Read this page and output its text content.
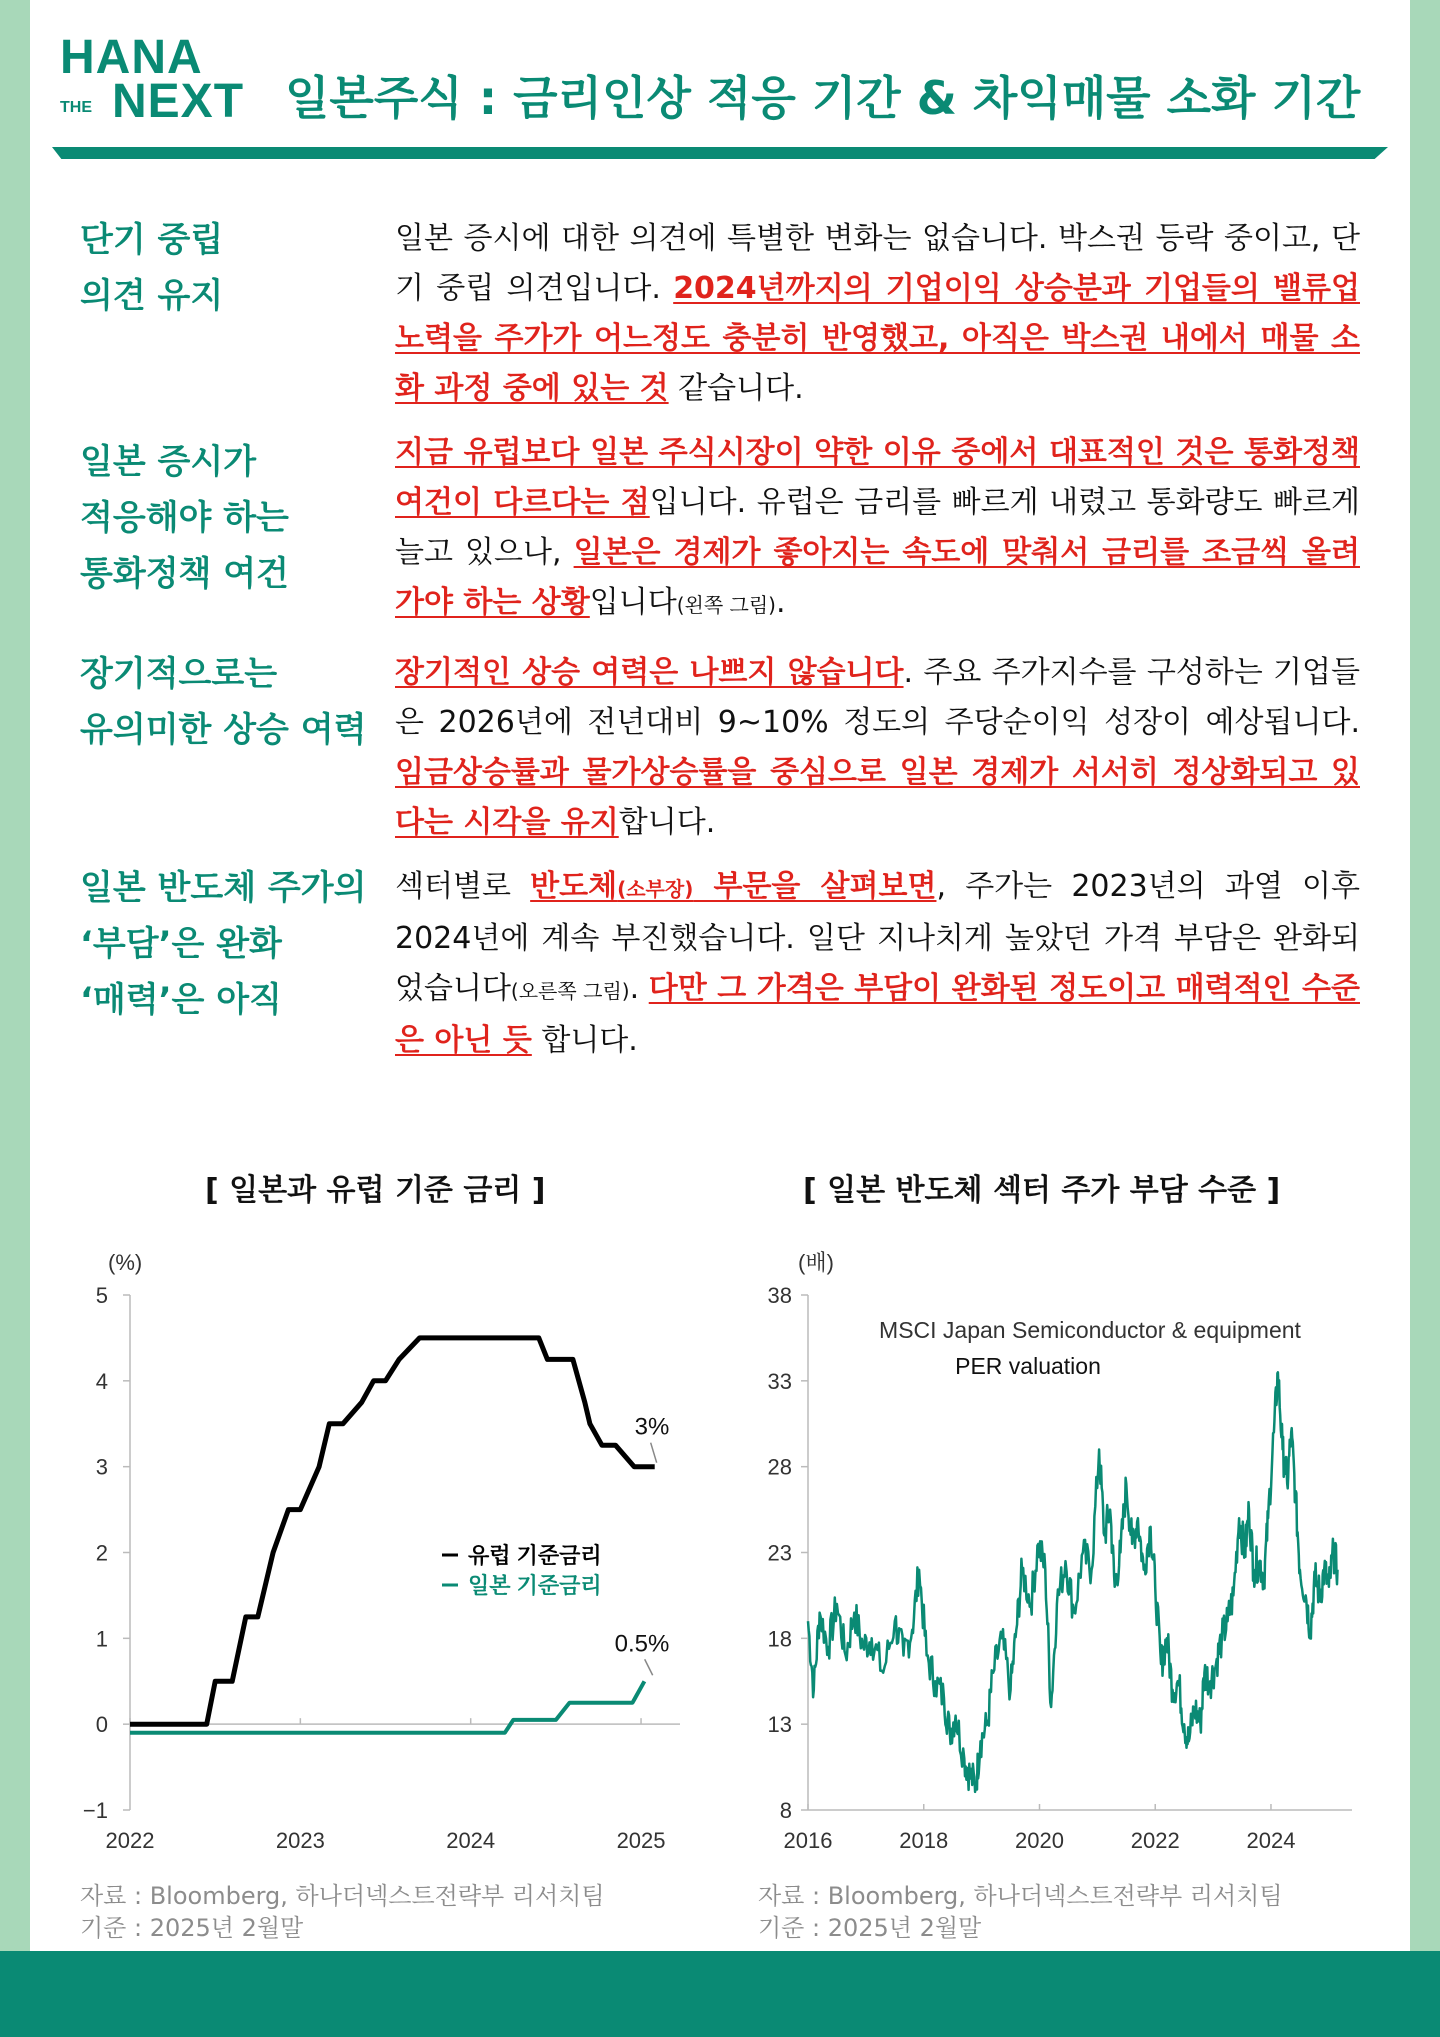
HANA
THE NEXT 일본주식 : 금리인상 적응 기간 & 차익매물 소화 기간
단기 중립
의견 유지
일본 증시에 대한 의견에 특별한 변화는 없습니다. 박스권 등락 중이고, 단기 중립 의견입니다. 2024년까지의 기업이익 상승분과 기업들의 밸류업 노력을 주가가 어느정도 충분히 반영했고, 아직은 박스권 내에서 매물 소화 과정 중에 있는 것 같습니다.
일본 증시가
적응해야 하는
통화정책 여건
지금 유럽보다 일본 주식시장이 약한 이유 중에서 대표적인 것은 통화정책 여건이 다르다는 점입니다. 유럽은 금리를 빠르게 내렸고 통화량도 빠르게 늘고 있으나, 일본은 경제가 좋아지는 속도에 맞춰서 금리를 조금씩 올려가야 하는 상황입니다(왼쪽 그림).
장기적으로는
유의미한 상승 여력
장기적인 상승 여력은 나쁘지 않습니다. 주요 주가지수를 구성하는 기업들은 2026년에 전년대비 9~10% 정도의 주당순이익 성장이 예상됩니다. 임금상승률과 물가상승률을 중심으로 일본 경제가 서서히 정상화되고 있다는 시각을 유지합니다.
일본 반도체 주가의
‘부담’은 완화
‘매력’은 아직
섹터별로 반도체(소부장) 부문을 살펴보면, 주가는 2023년의 과열 이후 2024년에 계속 부진했습니다. 일단 지나치게 높았던 가격 부담은 완화되었습니다(오른쪽 그림). 다만 그 가격은 부담이 완화된 정도이고 매력적인 수준은 아닌 듯 합니다.
[ 일본과 유럽 기준 금리 ]	[ 일본 반도체 섹터 주가 부담 수준 ]
(%)
−1
0
1
2
3
4
5
2022	2023	2024	2025
유럽 기준금리
일본 기준금리
3%
0.5%
(배)
8
13
18
23
28
33
38
2016	2018	2020	2022	2024
MSCI Japan Semiconductor & equipment
PER valuation
자료 : Bloomberg, 하나더넥스트전략부 리서치팀
기준 : 2025년 2월말
자료 : Bloomberg, 하나더넥스트전략부 리서치팀
기준 : 2025년 2월말
